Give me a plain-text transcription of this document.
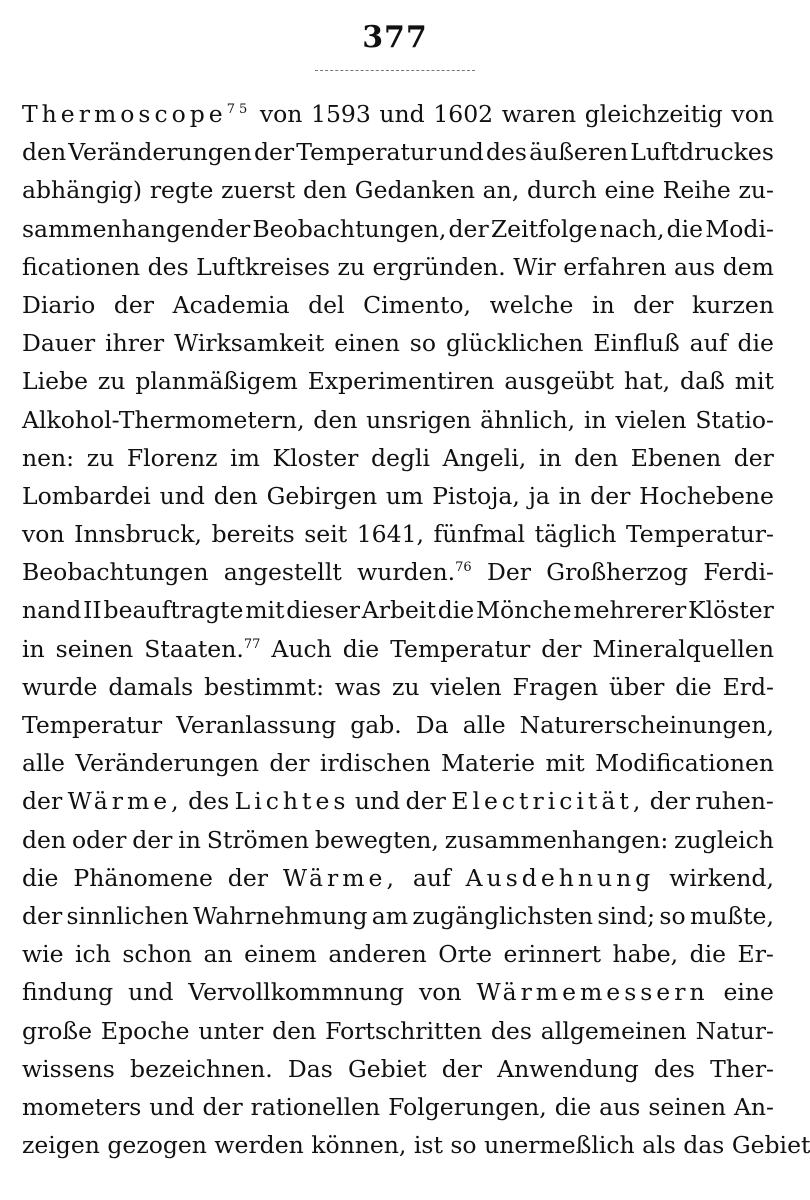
377
Thermoscope$^{75}$ von 1593 und 1602 waren gleichzeitig von
den Veränderungen der Temperatur und des äußeren Luftdruckes
abhängig) regte zuerst den Gedanken an, durch eine Reihe zu-
sammenhangender Beobachtungen, der Zeitfolge nach, die Modi-
ficationen des Luftkreises zu ergründen. Wir erfahren aus dem
Diario der Academia del Cimento, welche in der kurzen
Dauer ihrer Wirksamkeit einen so glücklichen Einfluß auf die
Liebe zu planmäßigem Experimentiren ausgeübt hat, daß mit
Alkohol-Thermometern, den unsrigen ähnlich, in vielen Statio-
nen: zu Florenz im Kloster degli Angeli, in den Ebenen der
Lombardei und den Gebirgen um Pistoja, ja in der Hochebene
von Innsbruck, bereits seit 1641, fünfmal täglich Temperatur-
Beobachtungen angestellt wurden.$^{76}$ Der Großherzog Ferdi-
nand II beauftragte mit dieser Arbeit die Mönche mehrerer Klöster
in seinen Staaten.$^{77}$ Auch die Temperatur der Mineralquellen
wurde damals bestimmt: was zu vielen Fragen über die Erd-
Temperatur Veranlassung gab. Da alle Naturerscheinungen,
alle Veränderungen der irdischen Materie mit Modificationen
der Wärme, des Lichtes und der Electricität, der ruhen-
den oder der in Strömen bewegten, zusammenhangen: zugleich
die Phänomene der Wärme, auf Ausdehnung wirkend,
der sinnlichen Wahrnehmung am zugänglichsten sind; so mußte,
wie ich schon an einem anderen Orte erinnert habe, die Er-
findung und Vervollkommnung von Wärmemessern eine
große Epoche unter den Fortschritten des allgemeinen Natur-
wissens bezeichnen. Das Gebiet der Anwendung des Ther-
mometers und der rationellen Folgerungen, die aus seinen An-
zeigen gezogen werden können, ist so unermeßlich als das Gebiet
